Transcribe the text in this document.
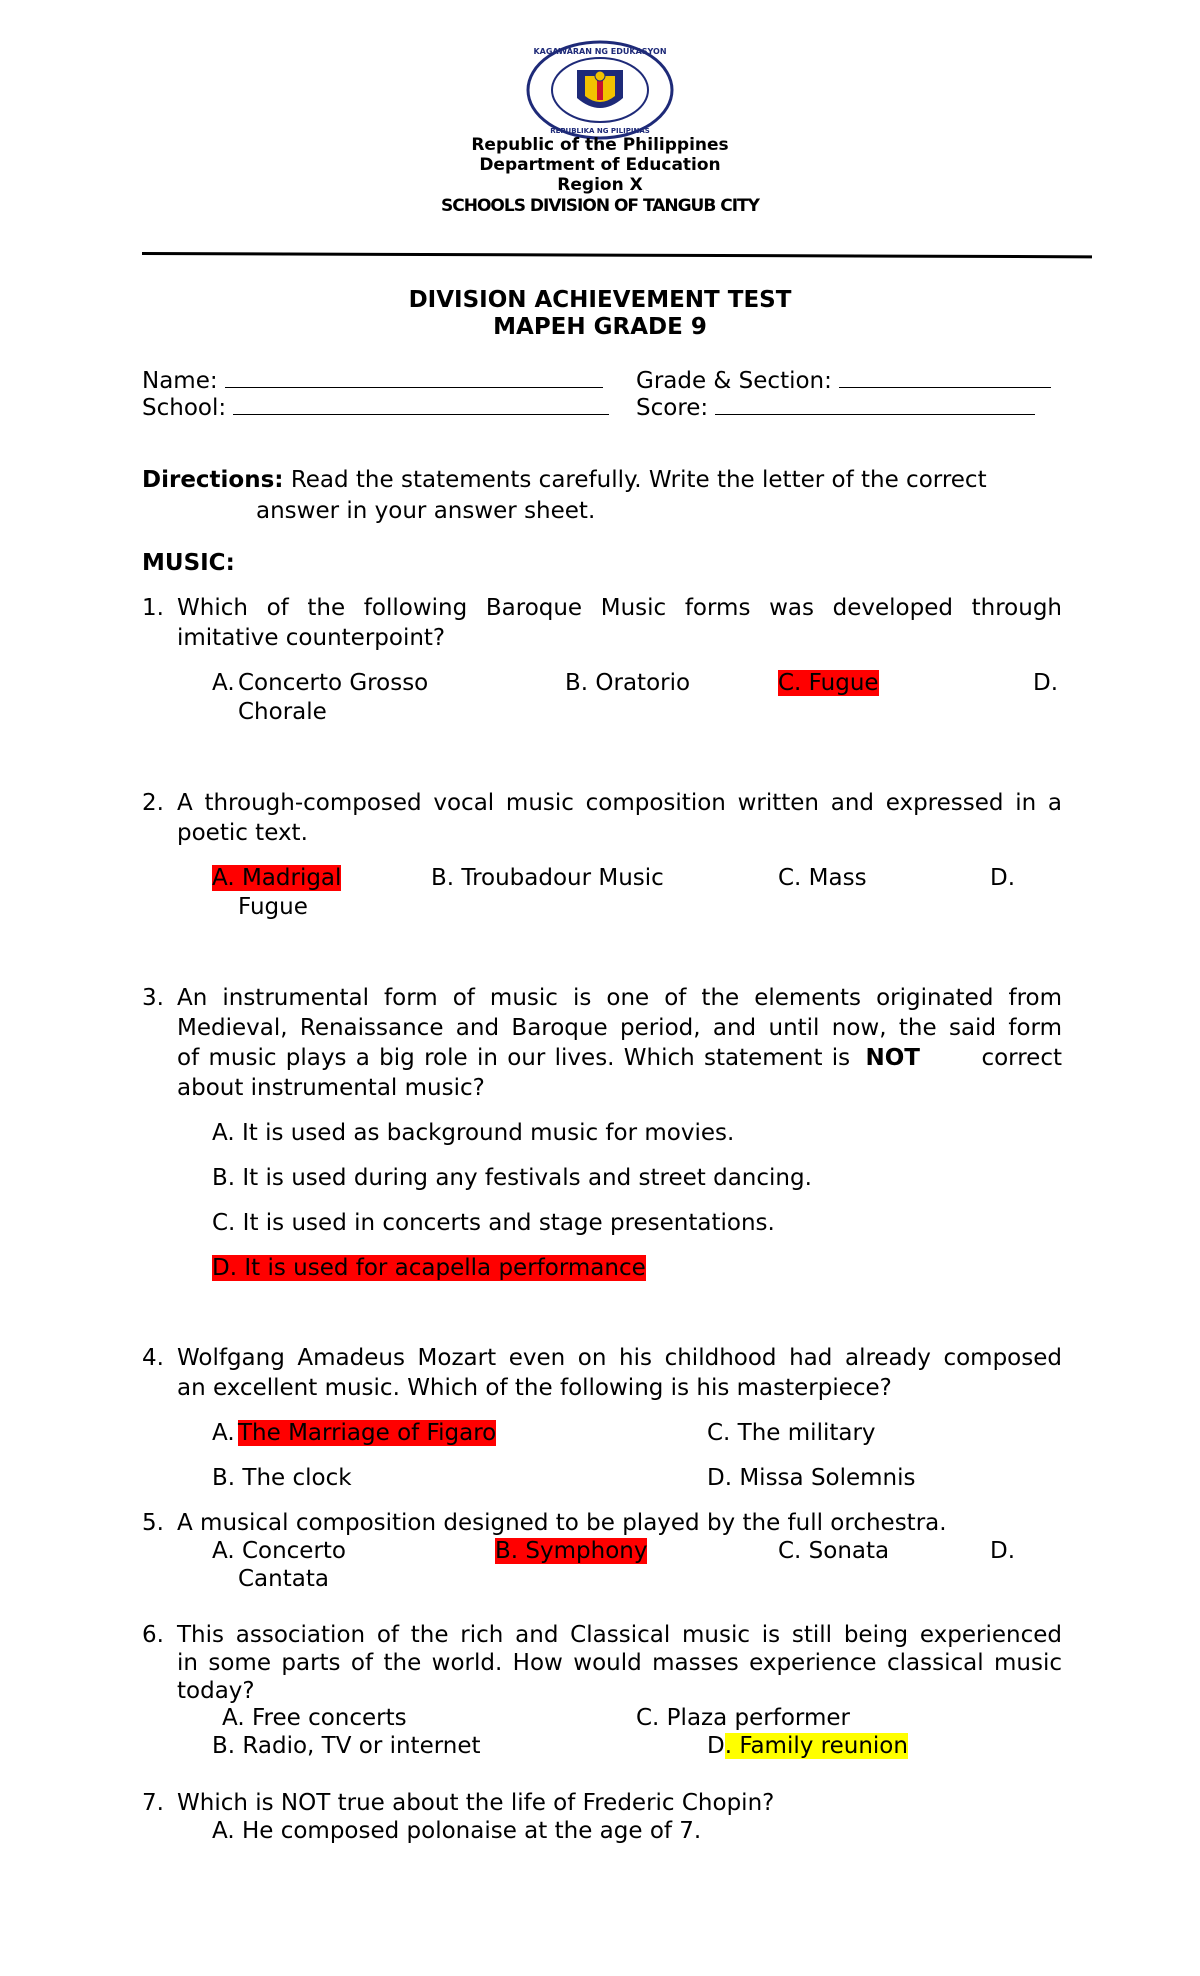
KAGAWARAN NG EDUKASYON
REPUBLIKA NG PILIPINAS
Republic of the Philippines
Department of Education
Region X
SCHOOLS DIVISION OF TANGUB CITY
DIVISION ACHIEVEMENT TEST
MAPEH GRADE 9
Name:	Grade & Section:
School:	Score:
Directions: Read the statements carefully. Write the letter of the correct
answer in your answer sheet.
MUSIC:
1. Which of the following Baroque Music forms was developed through
imitative counterpoint?
A. Concerto Grosso	B. Oratorio	C. Fugue	D.
Chorale
2. A through-composed vocal music composition written and expressed in a
poetic text.
A. Madrigal	B. Troubadour Music	C. Mass	D.
Fugue
3. An instrumental form of music is one of the elements originated from
Medieval, Renaissance and Baroque period, and until now, the said form
of music plays a big role in our lives. Which statement is NOT	correct
about instrumental music?
A. It is used as background music for movies.
B. It is used during any festivals and street dancing.
C. It is used in concerts and stage presentations.
D. It is used for acapella performance
4. Wolfgang Amadeus Mozart even on his childhood had already composed
an excellent music. Which of the following is his masterpiece?
A. The Marriage of Figaro	C. The military
B. The clock	D. Missa Solemnis
5. A musical composition designed to be played by the full orchestra.
A. Concerto	B. Symphony	C. Sonata	D.
Cantata
6. This association of the rich and Classical music is still being experienced
in some parts of the world. How would masses experience classical music
today?
A. Free concerts	C. Plaza performer
B. Radio, TV or internet	D. Family reunion
7. Which is NOT true about the life of Frederic Chopin?
A. He composed polonaise at the age of 7.
